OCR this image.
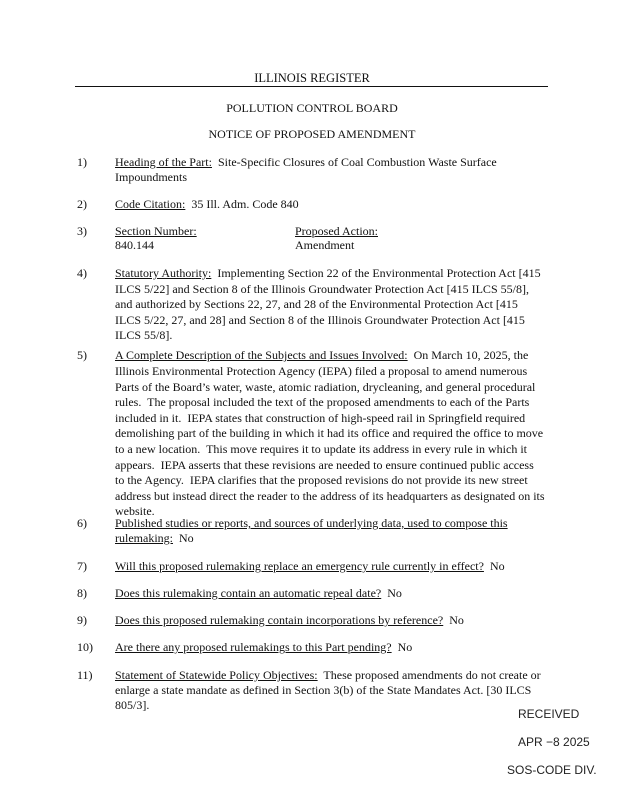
ILLINOIS REGISTER
POLLUTION CONTROL BOARD
NOTICE OF PROPOSED AMENDMENT
1) Heading of the Part:  Site-Specific Closures of Coal Combustion Waste Surface
Impoundments
2) Code Citation:  35 Ill. Adm. Code 840
3) Section Number:
840.144
4) Statutory Authority:  Implementing Section 22 of the Environmental Protection Act [415
ILCS 5/22] and Section 8 of the Illinois Groundwater Protection Act [415 ILCS 55/8],
and authorized by Sections 22, 27, and 28 of the Environmental Protection Act [415
ILCS 5/22, 27, and 28] and Section 8 of the Illinois Groundwater Protection Act [415
ILCS 55/8].
5) A Complete Description of the Subjects and Issues Involved:  On March 10, 2025, the
Illinois Environmental Protection Agency (IEPA) filed a proposal to amend numerous
Parts of the Board’s water, waste, atomic radiation, drycleaning, and general procedural
rules.  The proposal included the text of the proposed amendments to each of the Parts
included in it.  IEPA states that construction of high-speed rail in Springfield required
demolishing part of the building in which it had its office and required the office to move
to a new location.  This move requires it to update its address in every rule in which it
appears.  IEPA asserts that these revisions are needed to ensure continued public access
to the Agency.  IEPA clarifies that the proposed revisions do not provide its new street
address but instead direct the reader to the address of its headquarters as designated on its
website.
6) Published studies or reports, and sources of underlying data, used to compose this
rulemaking:  No
7) Will this proposed rulemaking replace an emergency rule currently in effect?  No
8) Does this rulemaking contain an automatic repeal date?  No
9) Does this proposed rulemaking contain incorporations by reference?  No
10) Are there any proposed rulemakings to this Part pending?  No
11) Statement of Statewide Policy Objectives:  These proposed amendments do not create or
enlarge a state mandate as defined in Section 3(b) of the State Mandates Act. [30 ILCS
805/3].
Proposed Action:
Amendment
RECEIVED
APR −8 2025
SOS-CODE DIV.
